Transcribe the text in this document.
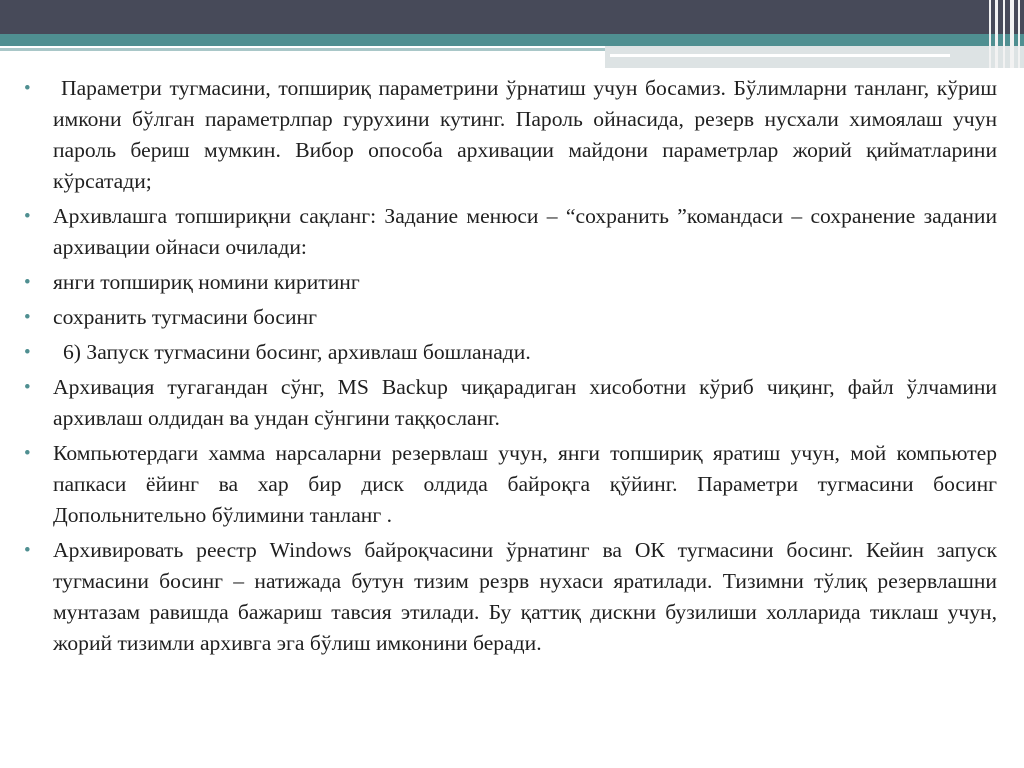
• Параметри тугмасини, топшириқ параметрини ўрнатиш учун босамиз. Бўлимларни танланг, кўриш имкони бўлган параметрлпар гурухини кутинг. Пароль ойнасида, резерв нусхали химоялаш учун пароль бериш мумкин. Вибор опособа архивации майдони параметрлар жорий қийматларини кўрсатади;
• Архивлашга топшириқни сақланг: Задание менюси – “сохранить ”командаси – сохранение задании архивации ойнаси очилади:
• янги топшириқ номини киритинг
• сохранить тугмасини босинг
• 6) Запуск тугмасини босинг, архивлаш бошланади.
• Архивация тугагандан сўнг, MS Backup чиқарадиган хисоботни кўриб чиқинг, файл ўлчамини архивлаш олдидан ва ундан сўнгини таққосланг.
• Компьютердаги хамма нарсаларни резервлаш учун, янги топшириқ яратиш учун, мой компьютер папкаси ёйинг ва хар бир диск олдида байроқга қўйинг. Параметри тугмасини босинг Допольнительно бўлимини танланг .
• Архивировать реестр Windows байроқчасини ўрнатинг ва ОК тугмасини босинг. Кейин запуск тугмасини босинг – натижада бутун тизим резрв нухаси яратилади. Тизимни тўлиқ резервлашни мунтазам равишда бажариш тавсия этилади. Бу қаттиқ дискни бузилиши холларида тиклаш учун, жорий тизимли архивга эга бўлиш имконини беради.
